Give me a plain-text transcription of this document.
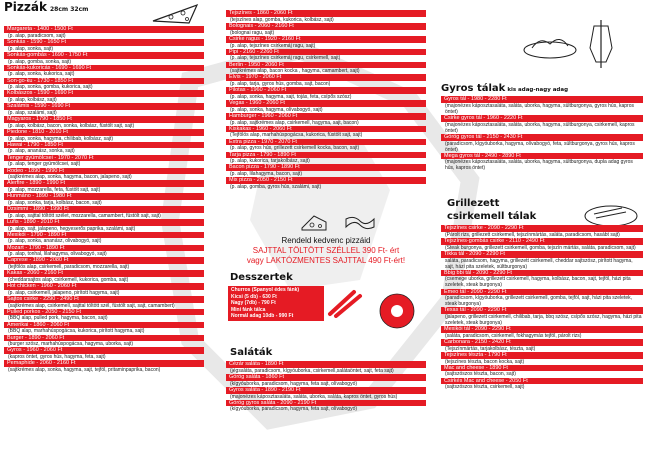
Pizzák 28cm 32cm
Margareta - 1400 - 1500 Ft
(p. alap, paradicsom, sajt)
Sonkás - 1590 - 1650 Ft
(p. alap, sonka, sajt)
Sonkás-gombás - 1690 - 1750 Ft
(p. alap, gomba, sonka, sajt)
Sonkás-kukoricás - 1690 - 1690 Ft
(p. alap, sonka, kukorica, sajt)
Son-go-ku - 1730 - 1850 Ft
(p. alap, sonka, gomba, kukorica, sajt)
Kolbászos - 1590 - 1690 Ft
(p. alap, kolbász, sajt)
Szalámis - 1590 - 1690 Ft
(p. alap, szalámi, sajt)
Magyaros - 1790 - 1850 Ft
(p. alap, kolbász, bacon, sonka, kolbász, füstölt sajt, sajt)
Piedone - 1810 - 2010 Ft
(p. alap, sonka, hagyma, chilibab, kolbász, sajt)
Hawai - 1790 - 1850 Ft
(p. alap, ananász, sonka, sajt)
Tenger gyümölcsei - 1970 - 2070 Ft
(p. alap, tenger gyümölcsei, sajt)
Rodeo - 1890 - 1990 Ft
(sajtkrémes alap, sonka, hagyma, bacon, jalapeno, sajt)
Alerfire - 1890 - 1990 Ft
(p. alap, mozzarella, feta, füstölt sajt, sajt)
Hunmáno - 1890 - 1980 Ft
(p. alap, sonka, tarja, kolbász, bacon, sajt)
Dzsimmi - 1890 - 1990 Ft
(p. alap, sajttal töltött szélet, mozzarella, camambert, füstölt sajt, sajt)
Lufis - 1890 - 2010 Ft
(p. alap, sajt, jalapeno, hegyeserős paprika, szalámi, sajt)
Mexikói - 1790 - 1890 Ft
(p. alap, sonka, ananász, olivabogyó, sajt)
Mozart - 1790 - 1890 Ft
(p. alap, tonhal, lilahagyma, olivabogyó, sajt)
Caprese - 1890 - 2080 Ft
(tejfölös alap, csirkemell, paradicsom, mozzarella, sajt)
Kakas - 2060 - 2160 Ft
(cheddarsajtos alap, csirkemell, kukorica, gomba, sajt)
Hot chicken - 1960 - 2060 Ft
(p. alap, csirkemell, jalapeno, pirított hagyma, sajt)
Sajtos csirke - 2290 - 2490 Ft
(sajtkrémes alap, csirkemell, sajttal töltött szél, füstölt sajt, sajt, camambert)
Pulled porkos - 2050 - 2150 Ft
(BBQ alap, pulled pork, hagyma, bacon, sajt)
Amerikai - 1860 - 2060 Ft
(BBQ alap, marhahúspogácsa, kukorica, pirított hagyma, sajt)
Burger - 1890 - 2060 Ft
(burger szósz, marhahúspogácsa, hagyma, uborka, sajt)
Gyros - 1960 - 2060 Ft
(kapros öntet, gyros hús, hagyma, feta, sajt)
Pemaphide - 2060 - 2160 Ft
(sajtkrémes alap, sonka, hagyma, sajt, tejföl, pritaminpaprika, bacon)
Tejszínes - 1860 - 2060 Ft
(tejszínes alap, gomba, kukorica, kolbász, sajt)
Bolognais - 2060 - 2160 Ft
(bolognai ragu, sajt)
Csirke ragus - 1920 - 2160 Ft
(p. alap, tejszínes csirkemáj ragu, sajt)
Pipi - 2160 - 2260 Ft
(p. alap, tejszínes csirkemáj ragu, csirkemell, sajt)
Berlin - 1950 - 2060 Ft
(sajtkrémes alap, bacon kocka , hagyma, camambert, sajt)
Elvis - 1970 - 2060 Ft
(p. alap, tarja, gyros hús, gomba, sajt, bacon)
Pilotas - 1960 - 2060 Ft
(p. alap, sonka, hagyma, sajt, tojás, feta, csípős szósz)
Vegas - 1960 - 2060 Ft
(p. alap, sonka, hagyma, olívabogyó, sajt)
Hamburger - 1960 - 2060 Ft
(p. alap, sajtkrémes alap, csirkemell, hagyma, sajt, bacon)
Kiskakas - 1960 - 2060 Ft
(Tejfölös alap, marhahúspogácsa, kukorica, füstölt sajt, sajt)
Extra pizza - 1970 - 2070 Ft
(p. alap, gyros hús, grillezett csirkemell kocka, bacon, sajt)
Tarja pizza - 1790 - 1890 Ft
(p. alap, kukorica, tarjakolbász, sajt)
Bacon pizza - 1790 - 1890 Ft
(p. alap, lilahagyma, bacon, sajt)
Mix pizza - 2050 - 2150 Ft
(p. alap, gomba, gyros hús, szalámi, sajt)
Rendeld kedvenc pizzáid
SAJTTAL TÖLTÖTT SZÉLLEL 390 Ft- ért
vagy LAKTÓZMENTES SAJTTAL 490 Ft-ért!
Desszertek
Churros (Spanyol édes fánk)
Kicsi (5 db) - 630 Ft
Nagy (7db) - 790 Ft
Mini fánk tálca
Normál adag 10db - 990 Ft
Saláták
Cézár saláta - 1890 Ft
(jégsaláta, paradicsom, kígyóuborka, csirkemell,salátaöntet, sajt, feta sajt)
Görög saláta - 1860 Ft
(kígyóuborka, paradicsom, hagyma, feta sajt, olívabogyó)
Gyros saláta - 1890 - 2190 Ft
(majonézes káposztasaláta, saláta, uborka, saláta, kapros öntet, gyros hús)
Görög gyros saláta - 2090 - 2190 Ft
(kígyóuborka, paradicsom, hagyma, feta sajt, olívabogyó)
Gyros tálak kis adag-nagy adag
Gyros tál - 1980 - 2280 Ft
(majonézes káposztasaláta, saláta, uborka, hagyma, sültburgonya, gyros hús, kapros öntet)
Csirke gyros tál - 1960 - 2220 Ft
(majonézes káposztasaláta, saláta, uborka, hagyma, sültburgonya, csirkemell, kapros öntet)
Görög gyros tál - 2150 - 2430 Ft
(paradicsom, kígyóuborka, hagyma, olívabogyó, feta, sültburgonya, gyros hús, kapros öntet)
Mega gyros tál - 2490 - 2890 Ft
(majonézes káposztasaláta, saláta, uborka, hagyma, sültburgonya, dupla adag gyros hús, kapros öntet)
Grillezett
csirkemell tálak
Tejszínes csirke - 2090 - 2290 Ft
(Párolt rizs, grillezett csirkemell, tejszínmártás, saláta, paradicsom, hasábt sajt)
Tejszínes-gombás csirke - 2110 - 2490 Ft
(Steak burgonya, grillezett csirkemell, gomba, tejszín mártás, saláta, paradicsom, sajt)
Tikka tál - 2090 - 2290 Ft
saláta, paradicsom, hagyma, grillezett csirkemell, cheddar sajtszósz, pirított hagyma, sajt, házi pita szeletek, sültburgonya)
Bbig bbi tál - 2090 - 2290 Ft
(csemege uborka, grillezett csirkemell, hagyma, kolbász, bacon, sajt, tejföl, házi pita szeletek, steak burgonya)
Emeo tál - 2090 - 2290 Ft
(paradicsom, kígyóuborka, grillezett csirkemell, gomba, tejföl, sajt, házi pita szeletek, steak burgonya)
Texas tál - 2090 - 2290 Ft
(jalapeno, grillezett csirkemell, chilibab, tarja, bbq szósz, csípős szósz, hagyma, házi pita szeletek, steak burgonya)
Mexikói tál - 2090 - 2290 Ft
(saláta, paradicsom, csirkemell, fokhagymás tejföl, párolt rizs)
Carbonara - 2150 - 2420 Ft
(Tejszínmártás, tarjakolbász, tészta, sajt)
Tejszínes tészta - 1790 Ft
(tejszínes tészta, bacon kocka, sajt)
Mac and cheese - 1890 Ft
(sajtszószos tészta, bacon, sajt)
Csirkés Mac and cheese - 2050 Ft
(sajtszószos tészta, csirkemell, sajt)
